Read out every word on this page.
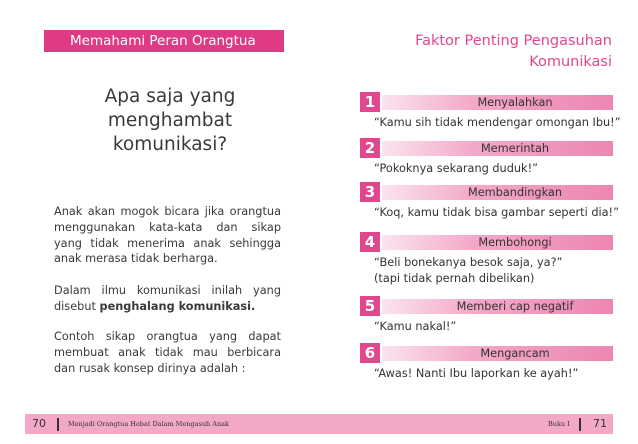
Memahami Peran Orangtua
Apa saja yang menghambat komunikasi?
Anak akan mogok bicara jika orangtua menggunakan kata-kata dan sikap yang tidak menerima anak sehingga anak merasa tidak berharga.
Dalam ilmu komunikasi inilah yang disebut penghalang komunikasi.
Contoh sikap orangtua yang dapat membuat anak tidak mau berbicara dan rusak konsep dirinya adalah :
Faktor Penting Pengasuhan Komunikasi
1	Menyalahkan
“Kamu sih tidak mendengar omongan Ibu!”
2	Memerintah
“Pokoknya sekarang duduk!”
3	Membandingkan
“Koq, kamu tidak bisa gambar seperti dia!”
4	Membohongi
“Beli bonekanya besok saja, ya?”
(tapi tidak pernah dibelikan)
5	Memberi cap negatif
“Kamu nakal!”
6	Mengancam
“Awas! Nanti Ibu laporkan ke ayah!”
70	Menjadi Orangtua Hebat Dalam Mengasuh Anak	Buku I 71
